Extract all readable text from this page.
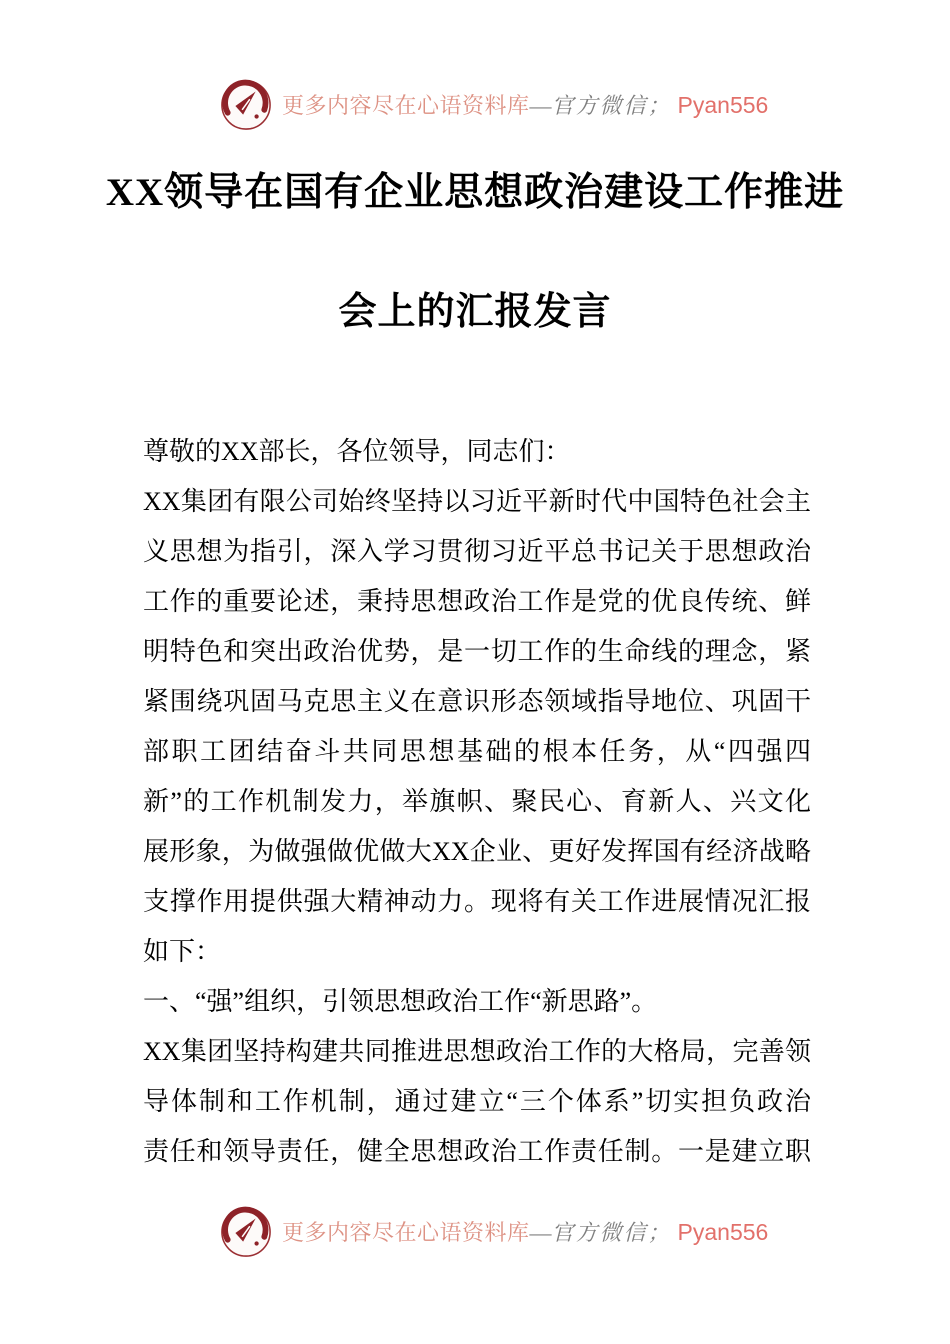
更多内容尽在心语资料库 — 官方微信； Pyan556
XX领导在国有企业思想政治建设工作推进
会上的汇报发言
尊敬的XX部长，各位领导，同志们：
XX集团有限公司始终坚持以习近平新时代中国特色社会主
义思想为指引，深入学习贯彻习近平总书记关于思想政治
工作的重要论述，秉持思想政治工作是党的优良传统、鲜
明特色和突出政治优势，是一切工作的生命线的理念，紧
紧围绕巩固马克思主义在意识形态领域指导地位、巩固干
部职工团结奋斗共同思想基础的根本任务，从“四强四
新”的工作机制发力，举旗帜、聚民心、育新人、兴文化
展形象，为做强做优做大XX企业、更好发挥国有经济战略
支撑作用提供强大精神动力。现将有关工作进展情况汇报
如下：
一、“强”组织，引领思想政治工作“新思路”。
XX集团坚持构建共同推进思想政治工作的大格局，完善领
导体制和工作机制，通过建立“三个体系”切实担负政治
责任和领导责任，健全思想政治工作责任制。一是建立职
更多内容尽在心语资料库 — 官方微信； Pyan556
